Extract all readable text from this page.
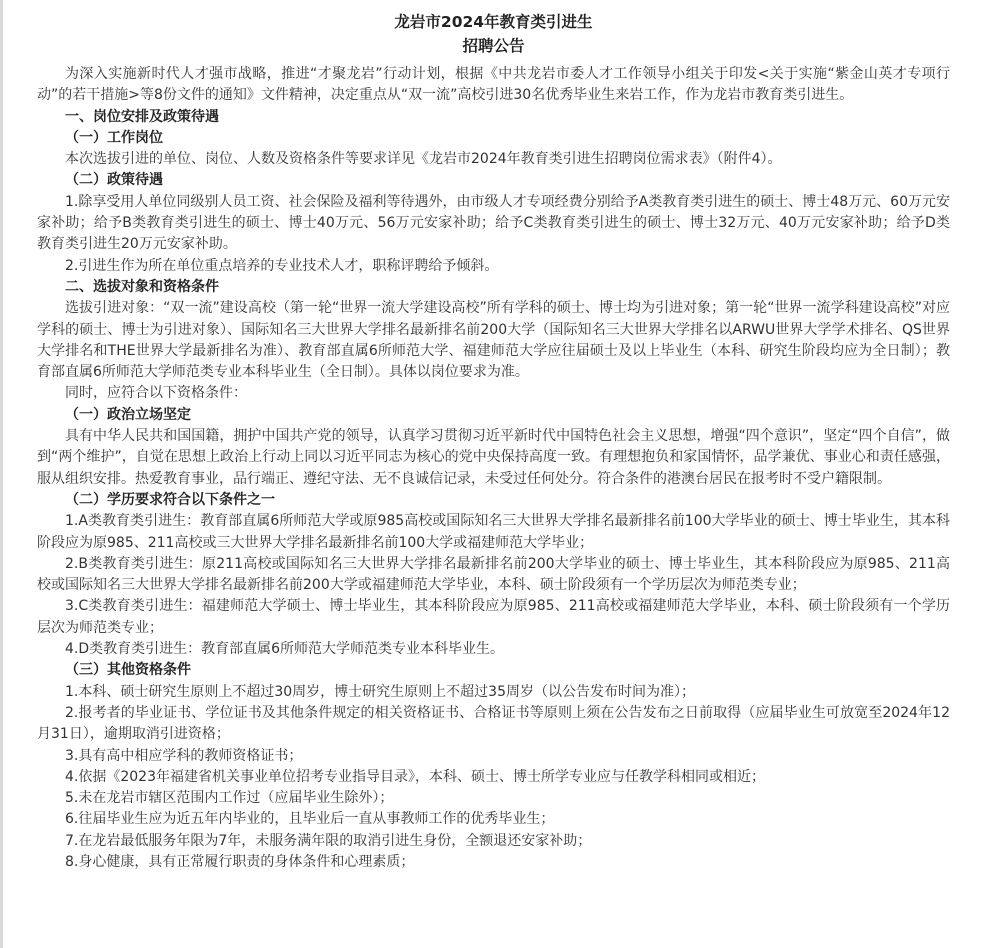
龙岩市2024年教育类引进生
招聘公告

为深入实施新时代人才强市战略，推进“才聚龙岩”行动计划，根据《中共龙岩市委人才工作领导小组关于印发<关于实施“紫金山英才专项行动”的若干措施>等8份文件的通知》文件精神，决定重点从“双一流”高校引进30名优秀毕业生来岩工作，作为龙岩市教育类引进生。

一、岗位安排及政策待遇

（一）工作岗位

本次选拔引进的单位、岗位、人数及资格条件等要求详见《龙岩市2024年教育类引进生招聘岗位需求表》（附件4）。

（二）政策待遇

1.除享受用人单位同级别人员工资、社会保险及福利等待遇外，由市级人才专项经费分别给予A类教育类引进生的硕士、博士48万元、60万元安家补助；给予B类教育类引进生的硕士、博士40万元、56万元安家补助；给予C类教育类引进生的硕士、博士32万元、40万元安家补助；给予D类教育类引进生20万元安家补助。

2.引进生作为所在单位重点培养的专业技术人才，职称评聘给予倾斜。

二、选拔对象和资格条件

选拔引进对象：“双一流”建设高校（第一轮“世界一流大学建设高校”所有学科的硕士、博士均为引进对象；第一轮“世界一流学科建设高校”对应学科的硕士、博士为引进对象）、国际知名三大世界大学排名最新排名前200大学（国际知名三大世界大学排名以ARWU世界大学学术排名、QS世界大学排名和THE世界大学最新排名为准）、教育部直属6所师范大学、福建师范大学应往届硕士及以上毕业生（本科、研究生阶段均应为全日制）；教育部直属6所师范大学师范类专业本科毕业生（全日制）。具体以岗位要求为准。

同时，应符合以下资格条件：

（一）政治立场坚定

具有中华人民共和国国籍，拥护中国共产党的领导，认真学习贯彻习近平新时代中国特色社会主义思想，增强“四个意识”，坚定“四个自信”，做到“两个维护”，自觉在思想上政治上行动上同以习近平同志为核心的党中央保持高度一致。有理想抱负和家国情怀，品学兼优、事业心和责任感强，服从组织安排。热爱教育事业，品行端正、遵纪守法、无不良诚信记录，未受过任何处分。符合条件的港澳台居民在报考时不受户籍限制。

（二）学历要求符合以下条件之一

1.A类教育类引进生：教育部直属6所师范大学或原985高校或国际知名三大世界大学排名最新排名前100大学毕业的硕士、博士毕业生，其本科阶段应为原985、211高校或三大世界大学排名最新排名前100大学或福建师范大学毕业；

2.B类教育类引进生：原211高校或国际知名三大世界大学排名最新排名前200大学毕业的硕士、博士毕业生，其本科阶段应为原985、211高校或国际知名三大世界大学排名最新排名前200大学或福建师范大学毕业，本科、硕士阶段须有一个学历层次为师范类专业；

3.C类教育类引进生：福建师范大学硕士、博士毕业生，其本科阶段应为原985、211高校或福建师范大学毕业，本科、硕士阶段须有一个学历层次为师范类专业；

4.D类教育类引进生：教育部直属6所师范大学师范类专业本科毕业生。

（三）其他资格条件

1.本科、硕士研究生原则上不超过30周岁，博士研究生原则上不超过35周岁（以公告发布时间为准）；

2.报考者的毕业证书、学位证书及其他条件规定的相关资格证书、合格证书等原则上须在公告发布之日前取得（应届毕业生可放宽至2024年12月31日），逾期取消引进资格；

3.具有高中相应学科的教师资格证书；

4.依据《2023年福建省机关事业单位招考专业指导目录》，本科、硕士、博士所学专业应与任教学科相同或相近；

5.未在龙岩市辖区范围内工作过（应届毕业生除外）；

6.往届毕业生应为近五年内毕业的，且毕业后一直从事教师工作的优秀毕业生；

7.在龙岩最低服务年限为7年，未服务满年限的取消引进生身份，全额退还安家补助；

8.身心健康，具有正常履行职责的身体条件和心理素质；
